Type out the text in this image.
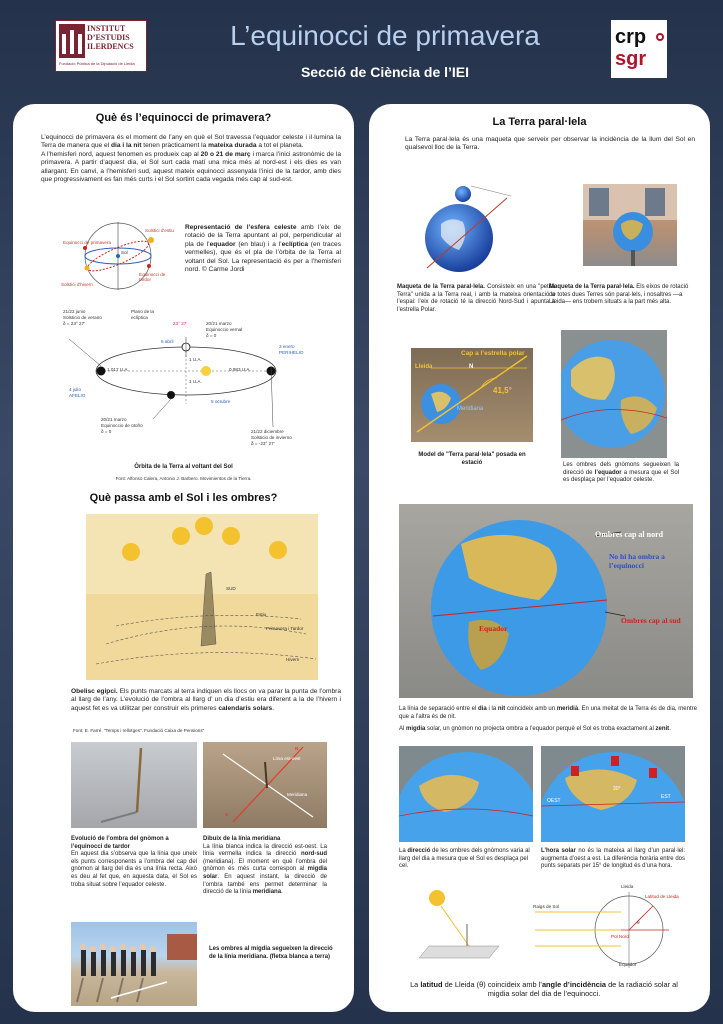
INSTITUT
D’ESTUDIS
ILERDENCS
Fundació Pública de la Diputació de Lleida
L’equinocci de primavera
Secció de Ciència de l’IEI
crp
sgr
Què és l’equinocci de primavera?
L’equinocci de primavera és el moment de l’any en què el Sol travessa l’equador celeste i il·lumina la Terra de manera que el dia i la nit tenen pràcticament la mateixa durada a tot el planeta.
A l’hemisferi nord, aquest fenomen es produeix cap al 20 o 21 de març i marca l’inici astronòmic de la primavera. A partir d’aquest dia, el Sol surt cada matí una mica més al nord-est i els dies es van allargant. En canvi, a l’hemisferi sud, aquest mateix equinocci assenyala l’inici de la tardor, amb dies que progressivament es fan més curts i el Sol sortint cada vegada més cap al sud-est.
Solstici d'estiu
Equinocci de primavera
Equinocci de tardor
Solstici d'hivern
Sol
Representació de l’esfera celeste amb l’eix de rotació de la Terra apuntant al pol, perpendicular al pla de l’equador (en blau) i a l’eclíptica (en traces vermelles), que és el pla de l’òrbita de la Terra al voltant del Sol. La representació és per a l’hemisferi nord. © Carme Jordi
21/22 junio
Solsticio de verano
δ = 23° 27’
Plano de la
eclíptica
20/21 marzo
Equinoccio vernal
δ = 0
23° 27’
1.017 U.A.	0.983 U.A.
1 U.A.
1 U.A.
4 julio
AFELIO
3 enero
PERIHELIO
5 abril
5 octubre
20/21 marzo
Equinoccio de otoño
δ = 0	21/22 diciembre
Solsticio de invierno
δ = -23° 27’
Òrbita de la Terra al voltant del Sol
Font: Alfonso Calera, Antonio J. Barbero. Movimientos de la Tierra.
Què passa amb el Sol i les ombres?
SUD
Estiu
Primavera i Tardor
Hivern
Obelisc egipci. Els punts marcats al terra indiquen els llocs on va parar la punta de l’ombra al llarg de l’any. L’evolució de l’ombra al llarg d’ un dia d’estiu era diferent a la de l’hivern i aquest fet es va utilitzar per construir els primeres calendaris solars.
Font: E. Farré. "Temps i rellotges". Fundació Caixa de Pensions"
N
S
Línia est-oest
Meridiana
Evolució de l’ombra del gnòmon a l’equinocci de tardor
En aquest dia s’observa que la línia que uneix els punts corresponents a l’ombra del cap del gnòmon al llarg del dia és una línia recta. Això es deu al fet que, en aquesta data, el Sol es troba situat sobre l’equador celeste.
Dibuix de la línia meridiana
La línia blanca indica la direcció est-oest. La línia vermella indica la direcció nord-sud (meridiana). El moment en què l’ombra del gnòmon és més curta correspon al migdia solar. En aquest instant, la direcció de l’ombra també ens permet determinar la direcció de la línia meridiana.
Les ombres al migdia segueixen la direcció de la línia meridiana. (fletxa blanca a terra)
La Terra paral·lela
La Terra paral·lela és una maqueta que serveix per observar la incidència de la llum del Sol en qualsevol lloc de la Terra.
Maqueta de la Terra paral·lela. Consisteix en una "petita Terra" unida a la Terra real, i amb la mateixa orientació a l’espai: l’eix de rotació té la direcció Nord-Sud i apunta a l’estrella Polar.
Maqueta de la Terra paral·lela. Els eixos de rotació de totes dues Terres són paral·lels, i nosaltres —a Lleida— ens trobem situats a la part més alta.
Cap a l’estrella polar
Lleida	N
41,5°
Meridiana
Model de "Terra paral·lela" posada en estació	Les ombres dels gnòmons segueixen la direcció de l’equador a mesura que el Sol es desplaça per l’equador celeste.
Ombres cap al nord
No hi ha ombra a l’equinocci
Equador
Ombres cap al sud
La línia de separació entre el dia i la nit coincideix amb un meridià. En una meitat de la Terra és de dia, mentre que a l’altra és de nit.
Al migdia solar, un gnòmon no projecta ombra a l’equador perquè el Sol es troba exactament al zenit.
OEST
EST
30°
La direcció de les ombres dels gnòmons varia al llarg del dia a mesura que el Sol es desplaça pel cel.
L’hora solar no és la mateixa al llarg d’un paral·lel: augmenta d’oest a est. La diferència horària entre dos punts separats per 15° de longitud és d’una hora.
Lleida
Latitud de Lleida
Raigs de Sol
Pol Nord
Equador
θ
La latitud de Lleida (θ) coincideix amb l’angle d’incidència de la radiació solar al migdia solar del dia de l’equinocci.
